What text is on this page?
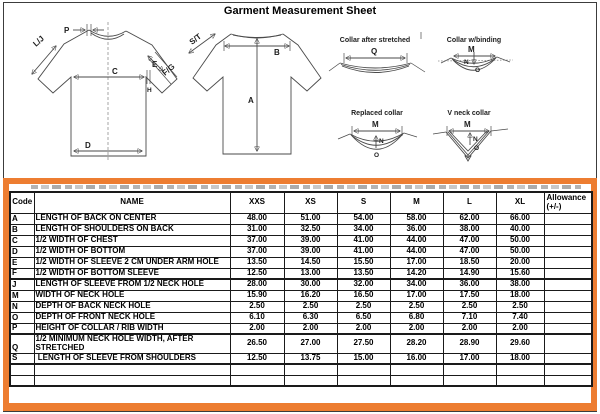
Garment Measurement Sheet
C
H
D
P
L/J
E F/G
B
A
S/T	Collar after stretched
Q
Collar w/binding
M
N
O
Replaced collar
M
N
O
V neck collar
M
N
O
Code	NAME	XXS	XS	S	M	L	XL	Allowance
(+/-)

A	LENGTH OF BACK ON CENTER	48.00	51.00	54.00	58.00	62.00	66.00	
B	LENGTH OF SHOULDERS ON BACK	31.00	32.50	34.00	36.00	38.00	40.00	
C	1/2 WIDTH OF CHEST	37.00	39.00	41.00	44.00	47.00	50.00	
D	1/2 WIDTH OF BOTTOM	37.00	39.00	41.00	44.00	47.00	50.00	
E	1/2 WIDTH OF SLEEVE 2 CM UNDER ARM HOLE	13.50	14.50	15.50	17.00	18.50	20.00	
F	1/2 WIDTH OF BOTTOM SLEEVE	12.50	13.00	13.50	14.20	14.90	15.60	
J	LENGTH OF SLEEVE FROM 1/2 NECK HOLE	28.00	30.00	32.00	34.00	36.00	38.00	
M	WIDTH OF NECK HOLE	15.90	16.20	16.50	17.00	17.50	18.00	
N	DEPTH OF BACK NECK HOLE	2.50	2.50	2.50	2.50	2.50	2.50	
O	DEPTH OF FRONT NECK HOLE	6.10	6.30	6.50	6.80	7.10	7.40	
P	HEIGHT OF COLLAR / RIB WIDTH	2.00	2.00	2.00	2.00	2.00	2.00	
Q	1/2 MINIMUM NECK HOLE WIDTH, AFTER STRETCHED	26.50	27.00	27.50	28.20	28.90	29.60	
S	LENGTH OF SLEEVE FROM SHOULDERS	12.50	13.75	15.00	16.00	17.00	18.00	
